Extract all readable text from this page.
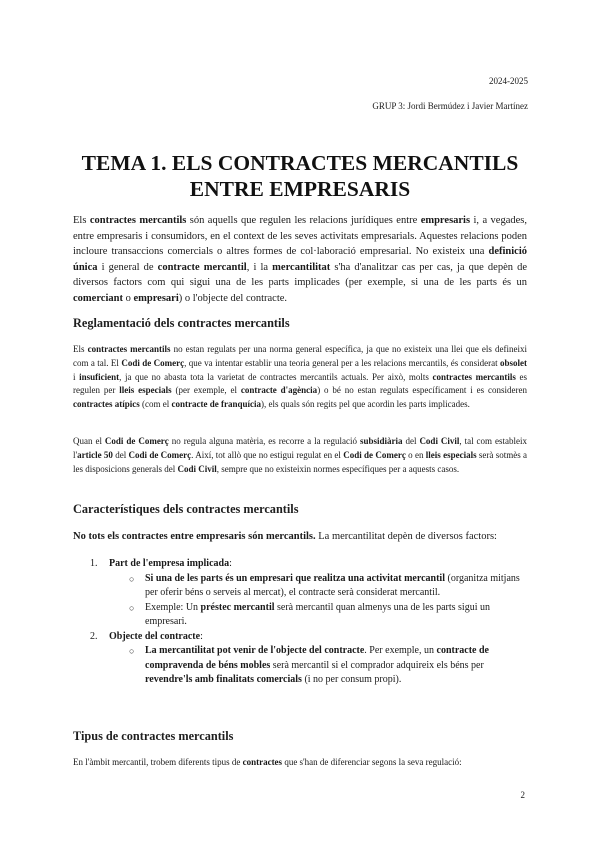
2024-2025
GRUP 3: Jordi Bermúdez i Javier Martínez
TEMA 1. ELS CONTRACTES MERCANTILS
ENTRE EMPRESARIS

Els contractes mercantils són aquells que regulen les relacions jurídiques entre empresaris i, a vegades, entre empresaris i consumidors, en el context de les seves activitats empresarials. Aquestes relacions poden incloure transaccions comercials o altres formes de col·laboració empresarial. No existeix una definició única i general de contracte mercantil, i la mercantilitat s'ha d'analitzar cas per cas, ja que depèn de diversos factors com qui sigui una de les parts implicades (per exemple, si una de les parts és un comerciant o empresari) o l'objecte del contracte.

Reglamentació dels contractes mercantils

Els contractes mercantils no estan regulats per una norma general específica, ja que no existeix una llei que els defineixi com a tal. El Codi de Comerç, que va intentar establir una teoria general per a les relacions mercantils, és considerat obsolet i insuficient, ja que no abasta tota la varietat de contractes mercantils actuals. Per això, molts contractes mercantils es regulen per lleis especials (per exemple, el contracte d'agència) o bé no estan regulats específicament i es consideren contractes atípics (com el contracte de franquícia), els quals són regits pel que acordin les parts implicades.

Quan el Codi de Comerç no regula alguna matèria, es recorre a la regulació subsidiària del Codi Civil, tal com estableix l'article 50 del Codi de Comerç. Així, tot allò que no estigui regulat en el Codi de Comerç o en lleis especials serà sotmès a les disposicions generals del Codi Civil, sempre que no existeixin normes específiques per a aquests casos.

Característiques dels contractes mercantils

No tots els contractes entre empresaris són mercantils. La mercantilitat depèn de diversos factors:

1. Part de l'empresa implicada:
○ Si una de les parts és un empresari que realitza una activitat mercantil (organitza mitjans per oferir béns o serveis al mercat), el contracte serà considerat mercantil.
○ Exemple: Un préstec mercantil serà mercantil quan almenys una de les parts sigui un empresari.
2. Objecte del contracte:
○ La mercantilitat pot venir de l'objecte del contracte. Per exemple, un contracte de compravenda de béns mobles serà mercantil si el comprador adquireix els béns per revendre'ls amb finalitats comercials (i no per consum propi).
Tipus de contractes mercantils

En l'àmbit mercantil, trobem diferents tipus de contractes que s'han de diferenciar segons la seva regulació:

2
